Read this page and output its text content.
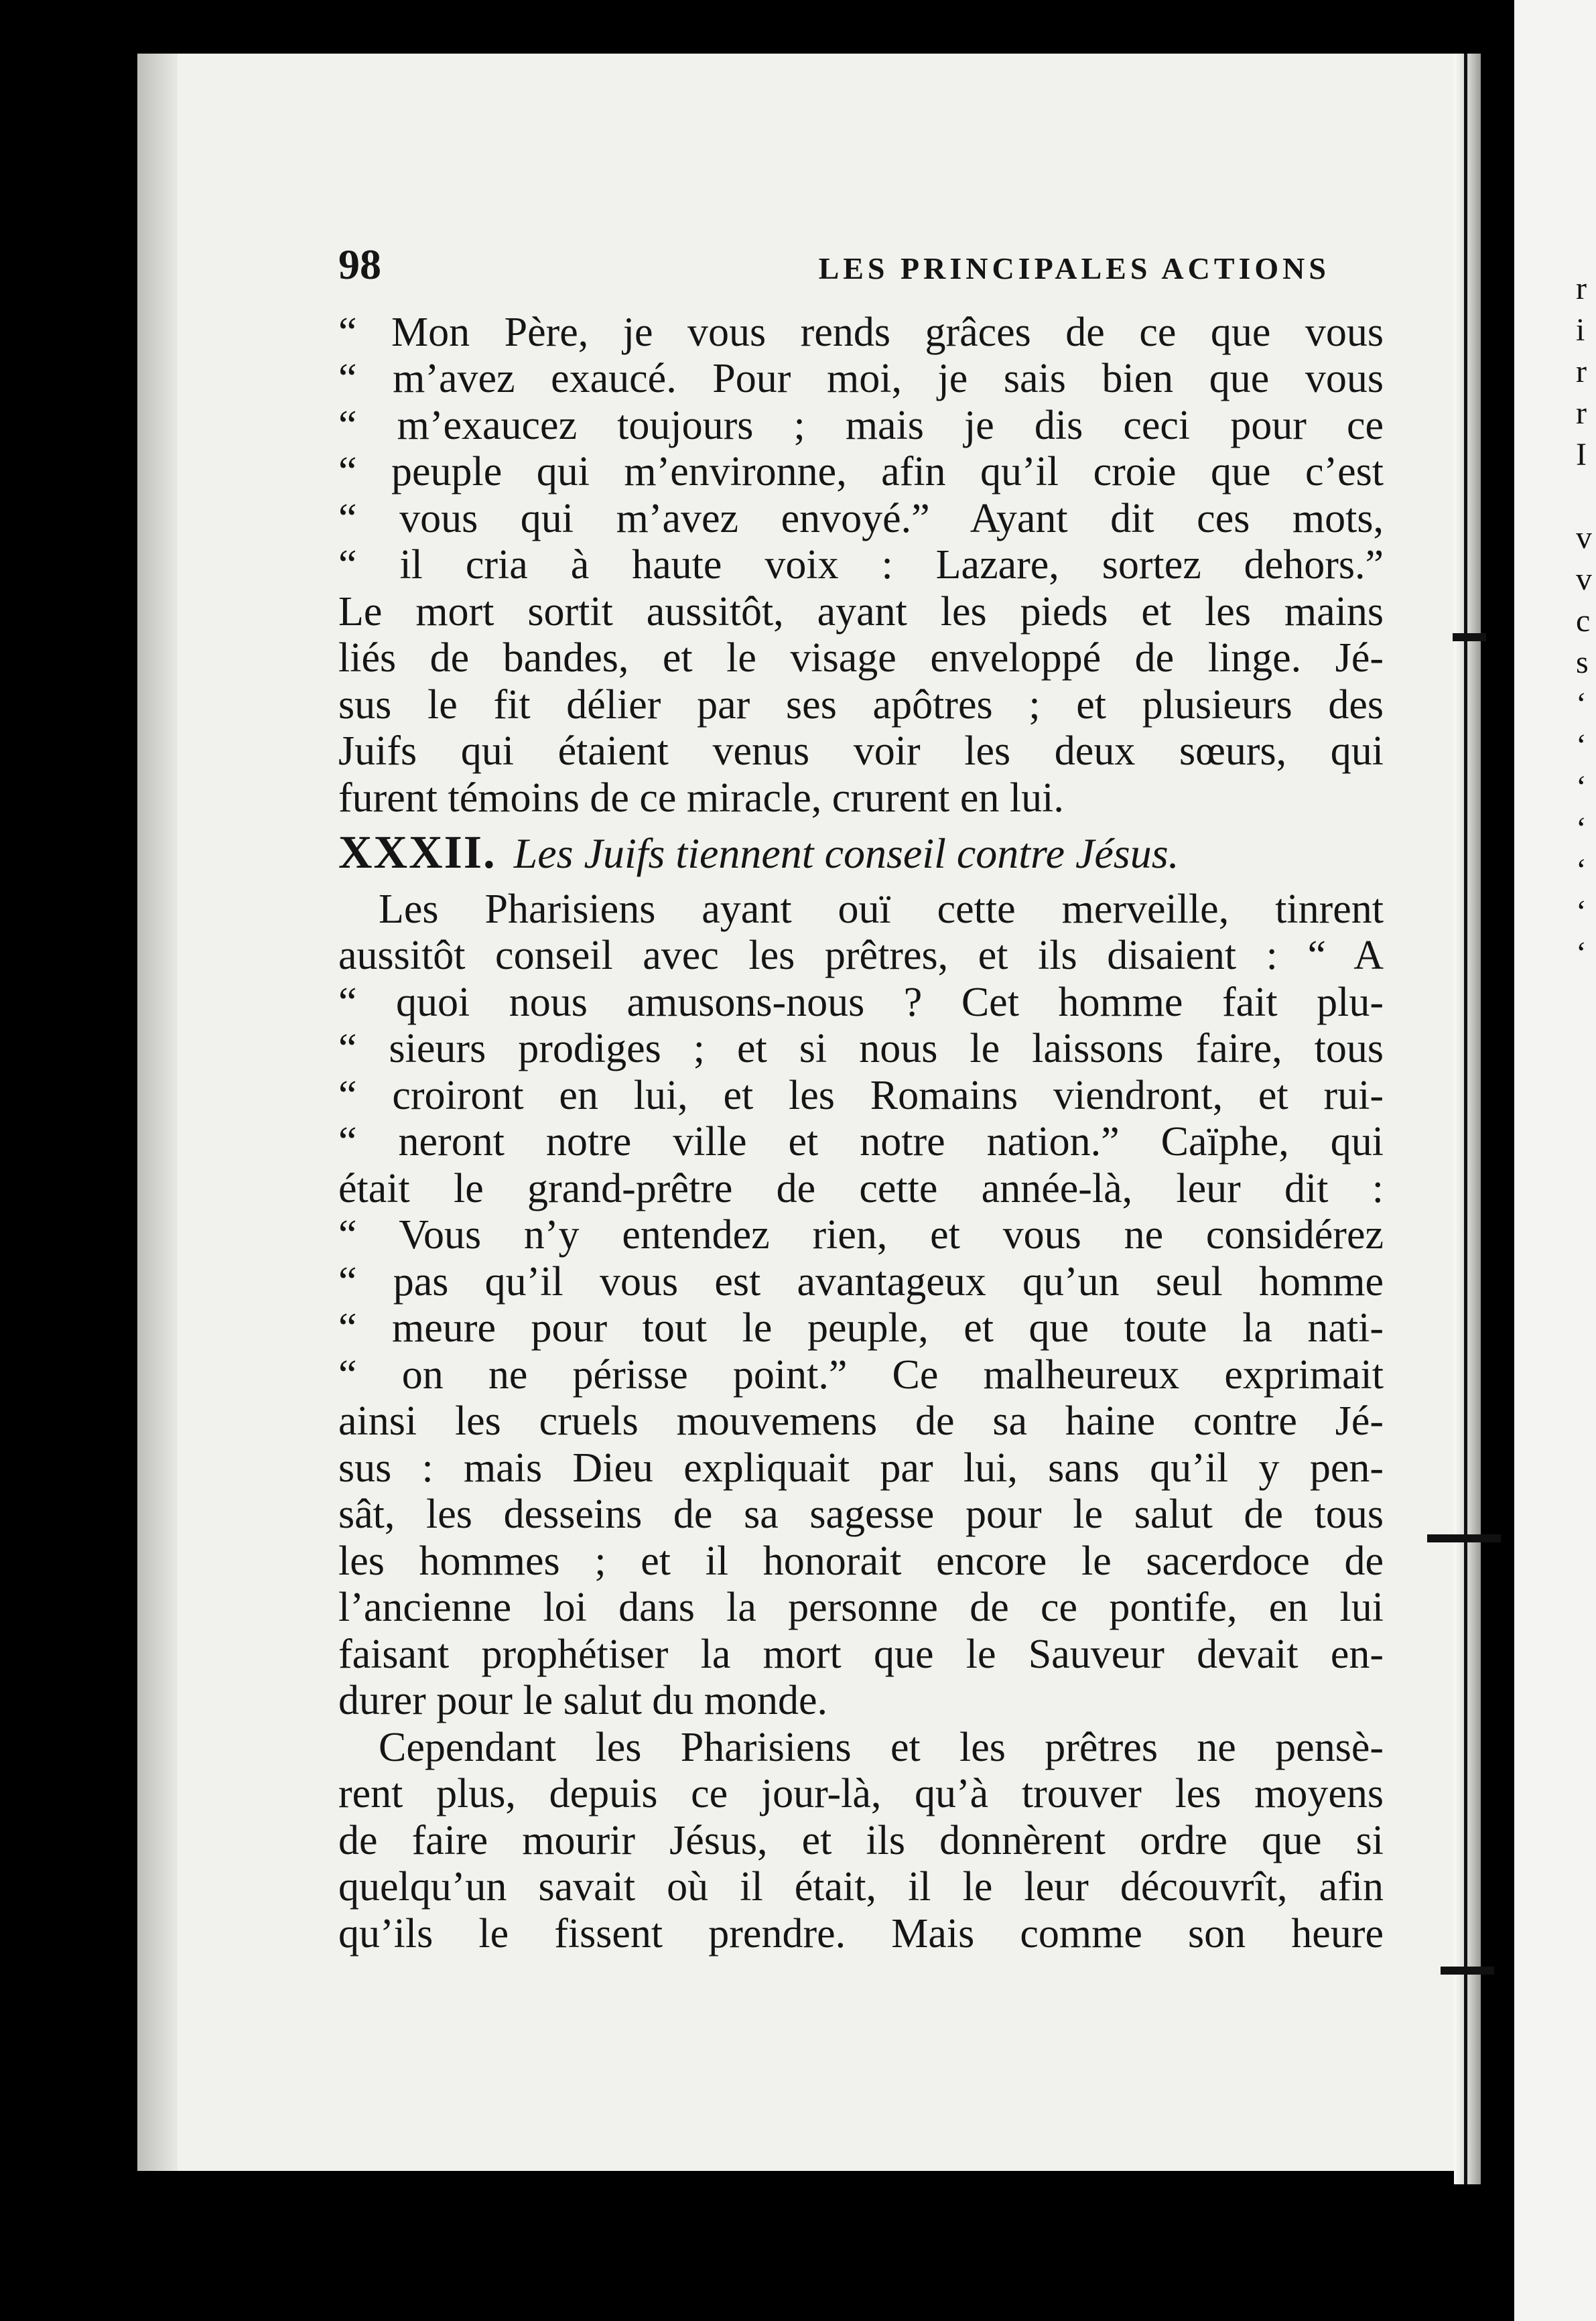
r
i
r
r
I

v
v
c
s
‘
‘
‘
‘
‘
‘
‘
98	LES PRINCIPALES ACTIONS
“ Mon Père, je vous rends grâces de ce que vous
“ m’avez exaucé. Pour moi, je sais bien que vous
“ m’exaucez toujours ; mais je dis ceci pour ce
“ peuple qui m’environne, afin qu’il croie que c’est
“ vous qui m’avez envoyé.” Ayant dit ces mots,
“ il cria à haute voix : Lazare, sortez dehors.”
Le mort sortit aussitôt, ayant les pieds et les mains
liés de bandes, et le visage enveloppé de linge. Jé-
sus le fit délier par ses apôtres ; et plusieurs des
Juifs qui étaient venus voir les deux sœurs, qui
furent témoins de ce miracle, crurent en lui.
XXXII. Les Juifs tiennent conseil contre Jésus.
Les Pharisiens ayant ouï cette merveille, tinrent
aussitôt conseil avec les prêtres, et ils disaient : “ A
“ quoi nous amusons-nous ? Cet homme fait plu-
“ sieurs prodiges ; et si nous le laissons faire, tous
“ croiront en lui, et les Romains viendront, et rui-
“ neront notre ville et notre nation.” Caïphe, qui
était le grand-prêtre de cette année-là, leur dit :
“ Vous n’y entendez rien, et vous ne considérez
“ pas qu’il vous est avantageux qu’un seul homme
“ meure pour tout le peuple, et que toute la nati-
“ on ne périsse point.” Ce malheureux exprimait
ainsi les cruels mouvemens de sa haine contre Jé-
sus : mais Dieu expliquait par lui, sans qu’il y pen-
sât, les desseins de sa sagesse pour le salut de tous
les hommes ; et il honorait encore le sacerdoce de
l’ancienne loi dans la personne de ce pontife, en lui
faisant prophétiser la mort que le Sauveur devait en-
durer pour le salut du monde.
Cependant les Pharisiens et les prêtres ne pensè-
rent plus, depuis ce jour-là, qu’à trouver les moyens
de faire mourir Jésus, et ils donnèrent ordre que si
quelqu’un savait où il était, il le leur découvrît, afin
qu’ils le fissent prendre. Mais comme son heure
